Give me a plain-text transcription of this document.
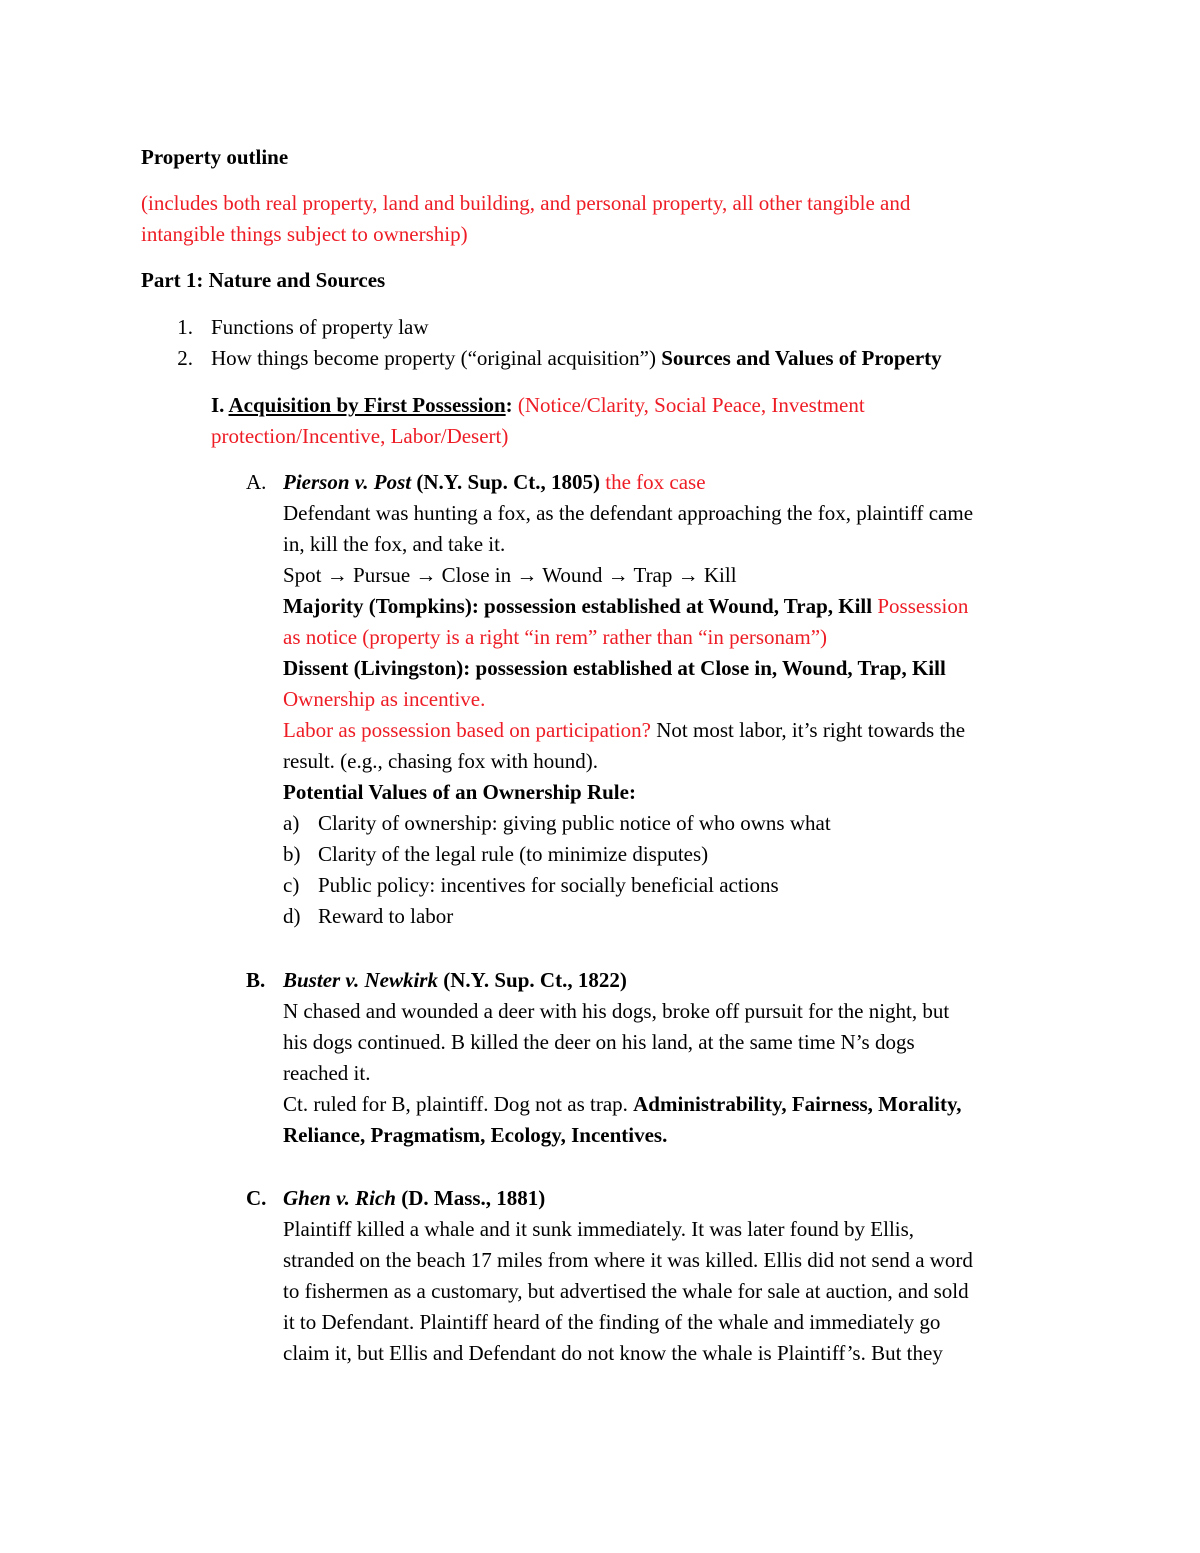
Property outline
(includes both real property, land and building, and personal property, all other tangible and
intangible things subject to ownership)
Part 1: Nature and Sources
1. Functions of property law
2. How things become property (“original acquisition”) Sources and Values of Property
I. Acquisition by First Possession: (Notice/Clarity, Social Peace, Investment
protection/Incentive, Labor/Desert)
A. Pierson v. Post (N.Y. Sup. Ct., 1805) the fox case
Defendant was hunting a fox, as the defendant approaching the fox, plaintiff came
in, kill the fox, and take it.
Spot → Pursue → Close in → Wound → Trap → Kill
Majority (Tompkins): possession established at Wound, Trap, Kill Possession
as notice (property is a right “in rem” rather than “in personam”)
Dissent (Livingston): possession established at Close in, Wound, Trap, Kill
Ownership as incentive.
Labor as possession based on participation? Not most labor, it’s right towards the
result. (e.g., chasing fox with hound).
Potential Values of an Ownership Rule:
a) Clarity of ownership: giving public notice of who owns what
b) Clarity of the legal rule (to minimize disputes)
c) Public policy: incentives for socially beneficial actions
d) Reward to labor
B. Buster v. Newkirk (N.Y. Sup. Ct., 1822)
N chased and wounded a deer with his dogs, broke off pursuit for the night, but
his dogs continued. B killed the deer on his land, at the same time N’s dogs
reached it.
Ct. ruled for B, plaintiff. Dog not as trap. Administrability, Fairness, Morality,
Reliance, Pragmatism, Ecology, Incentives.
C. Ghen v. Rich (D. Mass., 1881)
Plaintiff killed a whale and it sunk immediately. It was later found by Ellis,
stranded on the beach 17 miles from where it was killed. Ellis did not send a word
to fishermen as a customary, but advertised the whale for sale at auction, and sold
it to Defendant. Plaintiff heard of the finding of the whale and immediately go
claim it, but Ellis and Defendant do not know the whale is Plaintiff’s. But they
